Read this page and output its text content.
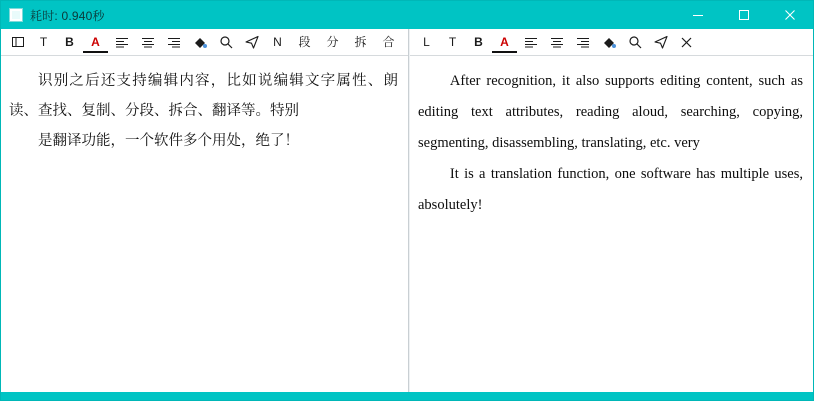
耗时: 0.940秒
T	B	A	N	段	分	拆	合

识别之后还支持编辑内容，比如说编辑文字属性、朗读、查找、复制、分段、拆合、翻译等。特别

是翻译功能，一个软件多个用处，绝了！

L	T	B	A

After recognition, it also supports editing content, such as editing text attributes, reading aloud, searching, copying, segmenting, disassembling, translating, etc. very

It is a translation function, one software has multiple uses, absolutely!
